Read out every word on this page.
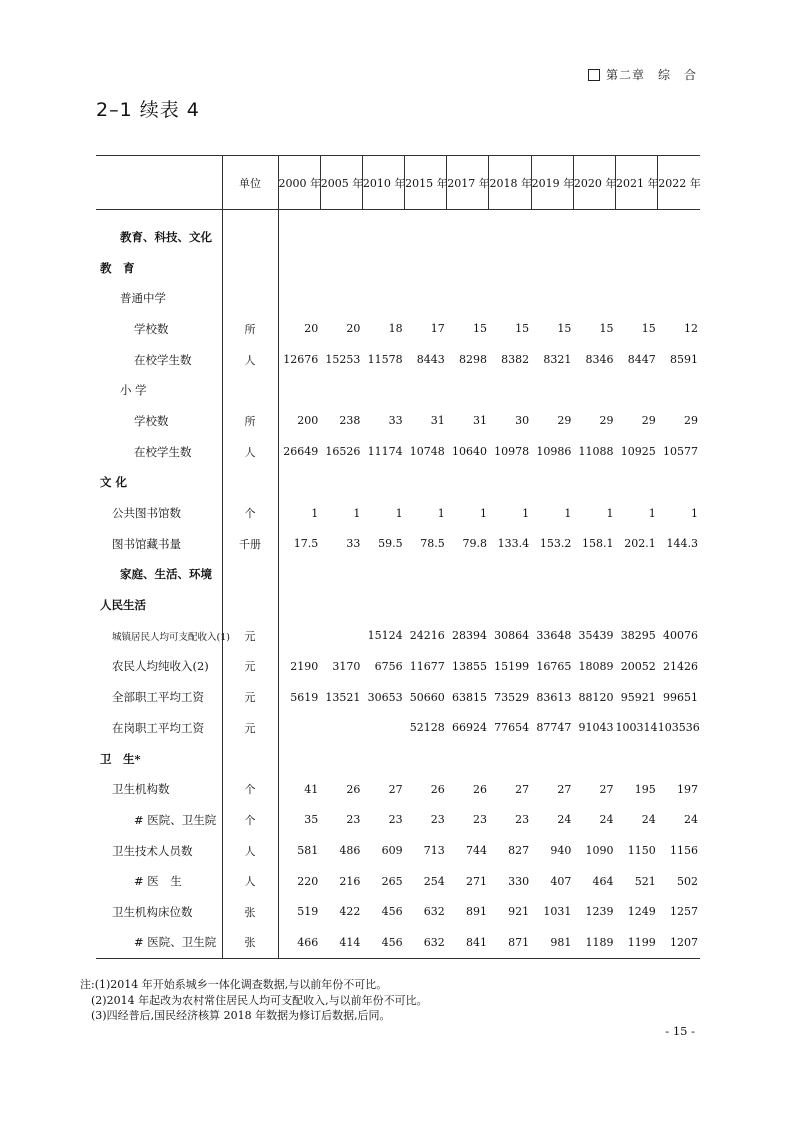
第二章　综　合
2–1 续表 4
	单位	2000 年	2005 年	2010 年	2015 年	2017 年	2018 年	2019 年	2020 年	2021 年	2022 年

教育、科技、文化											
教　育											
普通中学											
学校数	所	20	20	18	17	15	15	15	15	15	12
在校学生数	人	12676	15253	11578	8443	8298	8382	8321	8346	8447	8591
小 学											
学校数	所	200	238	33	31	31	30	29	29	29	29
在校学生数	人	26649	16526	11174	10748	10640	10978	10986	11088	10925	10577
文 化											
公共图书馆数	个	1	1	1	1	1	1	1	1	1	1
图书馆藏书量	千册	17.5	33	59.5	78.5	79.8	133.4	153.2	158.1	202.1	144.3
家庭、生活、环境											
人民生活											
城镇居民人均可支配收入(1)	元			15124	24216	28394	30864	33648	35439	38295	40076
农民人均纯收入(2)	元	2190	3170	6756	11677	13855	15199	16765	18089	20052	21426
全部职工平均工资	元	5619	13521	30653	50660	63815	73529	83613	88120	95921	99651
在岗职工平均工资	元				52128	66924	77654	87747	91043	100314	103536
卫　生*											
卫生机构数	个	41	26	27	26	26	27	27	27	195	197
# 医院、卫生院	个	35	23	23	23	23	23	24	24	24	24
卫生技术人员数	人	581	486	609	713	744	827	940	1090	1150	1156
# 医　生	人	220	216	265	254	271	330	407	464	521	502
卫生机构床位数	张	519	422	456	632	891	921	1031	1239	1249	1257
# 医院、卫生院	张	466	414	456	632	841	871	981	1189	1199	1207
注:(1)2014 年开始系城乡一体化调查数据,与以前年份不可比。
(2)2014 年起改为农村常住居民人均可支配收入,与以前年份不可比。
(3)四经普后,国民经济核算 2018 年数据为修订后数据,后同。
- 15 -
